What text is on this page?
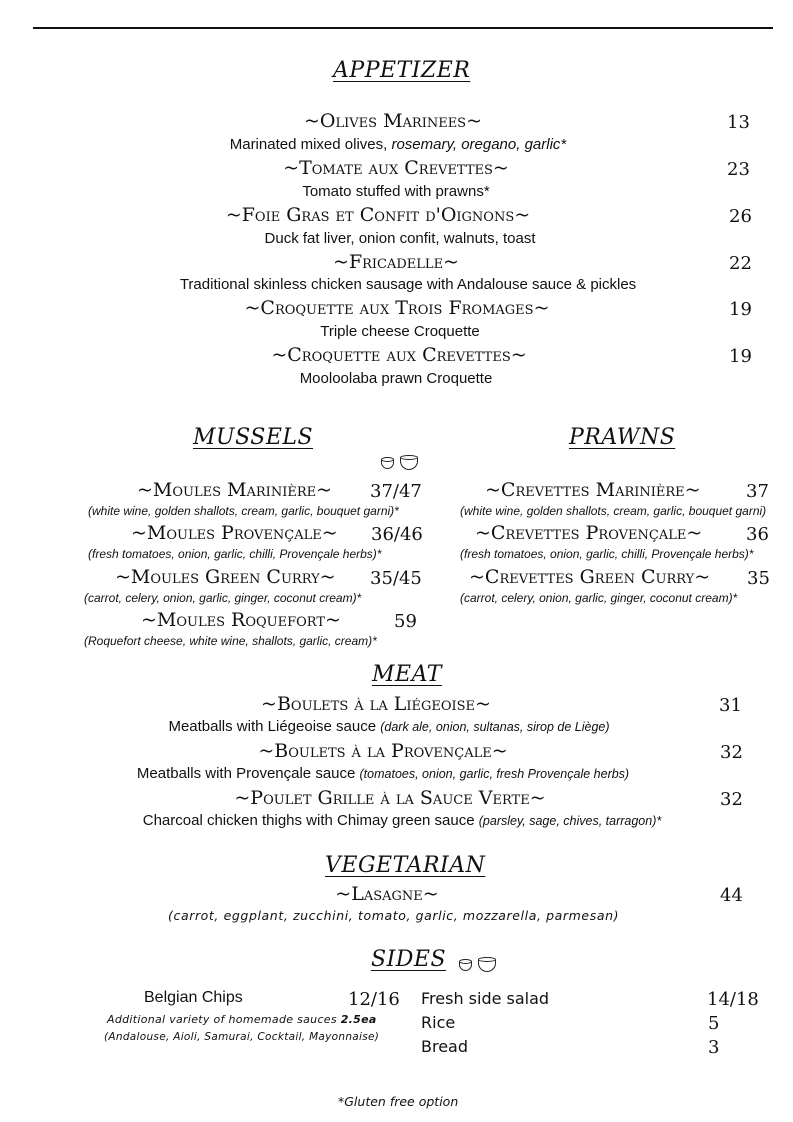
APPETIZER
~Olives Marinees~	13
Marinated mixed olives, rosemary, oregano, garlic*
~Tomate aux Crevettes~	23
Tomato stuffed with prawns*
~Foie Gras et Confit d'Oignons~	26
Duck fat liver, onion confit, walnuts, toast
~Fricadelle~	22
Traditional skinless chicken sausage with Andalouse sauce & pickles
~Croquette aux Trois Fromages~	19
Triple cheese Croquette
~Croquette aux Crevettes~	19
Mooloolaba prawn Croquette
MUSSELS
~Moules Marinière~ 37/47
(white wine, golden shallots, cream, garlic, bouquet garni)*
~Moules Provençale~ 36/46
(fresh tomatoes, onion, garlic, chilli, Provençale herbs)*
~Moules Green Curry~ 35/45
(carrot, celery, onion, garlic, ginger, coconut cream)*
~Moules Roquefort~	59
(Roquefort cheese, white wine, shallots, garlic, cream)*
PRAWNS
~Crevettes Marinière~	37
(white wine, golden shallots, cream, garlic, bouquet garni)
~Crevettes Provençale~ 36
(fresh tomatoes, onion, garlic, chilli, Provençale herbs)*
~Crevettes Green Curry~ 35
(carrot, celery, onion, garlic, ginger, coconut cream)*
MEAT
~Boulets à la Liégeoise~	31
Meatballs with Liégeoise sauce (dark ale, onion, sultanas, sirop de Liège)
~Boulets à la Provençale~	32
Meatballs with Provençale sauce (tomatoes, onion, garlic, fresh Provençale herbs)
~Poulet Grille à la Sauce Verte~	32
Charcoal chicken thighs with Chimay green sauce (parsley, sage, chives, tarragon)*
VEGETARIAN
~Lasagne~	44
(carrot, eggplant, zucchini, tomato, garlic, mozzarella, parmesan)
SIDES
Belgian Chips	12/16
Additional variety of homemade sauces 2.5ea
(Andalouse, Aioli, Samurai, Cocktail, Mayonnaise)
Fresh side salad	14/18
Rice	5
Bread	3
*Gluten free option
